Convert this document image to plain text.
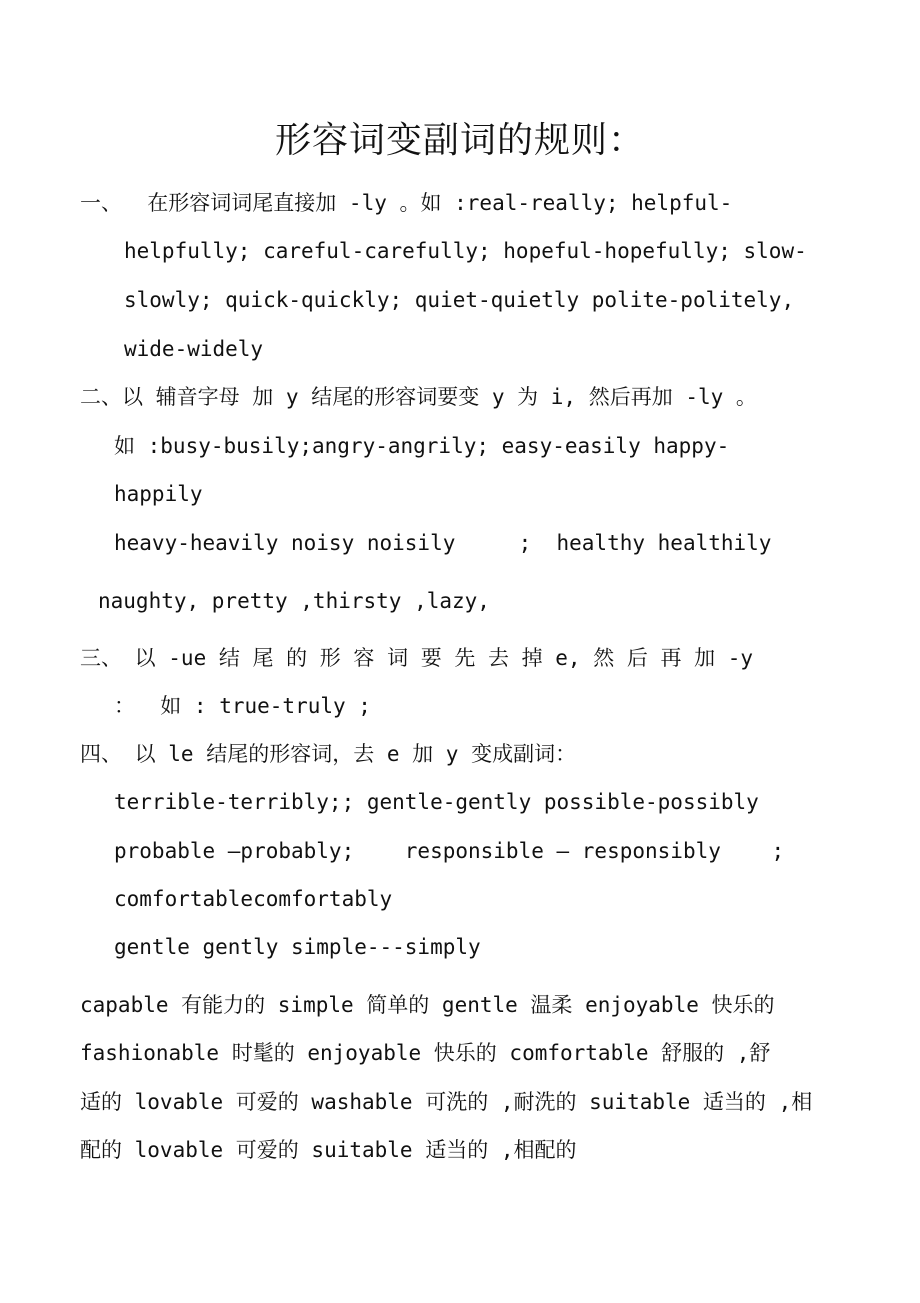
形容词变副词的规则：
一、  在形容词词尾直接加 -ly 。如 :real-really; helpful-
helpfully; careful-carefully; hopeful-hopefully; slow-
slowly; quick-quickly; quiet-quietly polite-politely,
wide-widely
二、以 辅音字母 加 y 结尾的形容词要变 y 为 i, 然后再加 -ly 。
如 :busy-busily;angry-angrily; easy-easily happy-
happily
heavy-heavily noisy noisily     ;  healthy healthily
naughty, pretty ,thirsty ,lazy,
三、 以 -ue 结 尾 的 形 容 词 要 先 去 掉 e, 然 后 再 加 -y
：  如 : true-truly ;
四、 以 le 结尾的形容词，去 e 加 y 变成副词：
terrible-terribly;; gentle-gently possible-possibly
probable —probably;    responsible — responsibly    ;
comfortablecomfortably
gentle gently simple---simply
capable 有能力的 simple 简单的 gentle 温柔 enjoyable 快乐的
fashionable 时髦的 enjoyable 快乐的 comfortable 舒服的 ,舒
适的 lovable 可爱的 washable 可洗的 ,耐洗的 suitable 适当的 ,相
配的 lovable 可爱的 suitable 适当的 ,相配的
